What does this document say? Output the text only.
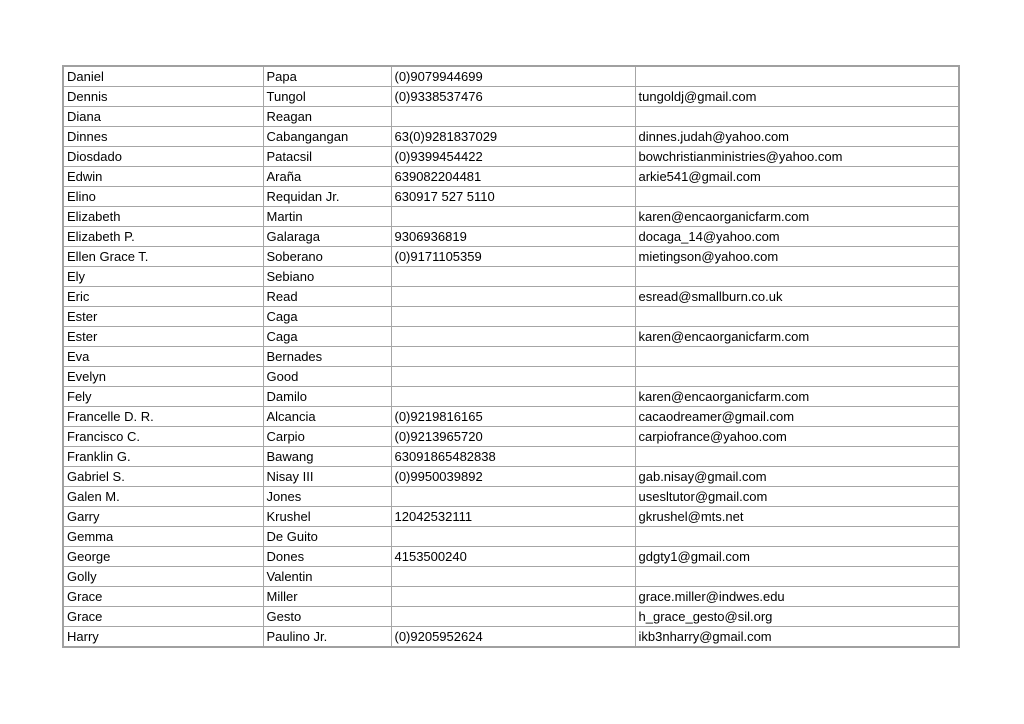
Daniel	Papa	(0)9079944699	
Dennis	Tungol	(0)9338537476	tungoldj@gmail.com
Diana	Reagan		
Dinnes	Cabangangan	63(0)9281837029	dinnes.judah@yahoo.com
Diosdado	Patacsil	(0)9399454422	bowchristianministries@yahoo.com
Edwin	Araña	639082204481	arkie541@gmail.com
Elino	Requidan Jr.	630917 527 5110	
Elizabeth	Martin		karen@encaorganicfarm.com
Elizabeth P.	Galaraga	9306936819	docaga_14@yahoo.com
Ellen Grace T.	Soberano	(0)9171105359	mietingson@yahoo.com
Ely	Sebiano		
Eric	Read		esread@smallburn.co.uk
Ester	Caga		
Ester	Caga		karen@encaorganicfarm.com
Eva	Bernades		
Evelyn	Good		
Fely	Damilo		karen@encaorganicfarm.com
Francelle D. R.	Alcancia	(0)9219816165	cacaodreamer@gmail.com
Francisco C.	Carpio	(0)9213965720	carpiofrance@yahoo.com
Franklin G.	Bawang	63091865482838	
Gabriel S.	Nisay III	(0)9950039892	gab.nisay@gmail.com
Galen M.	Jones		usesltutor@gmail.com
Garry	Krushel	12042532111	gkrushel@mts.net
Gemma	De Guito		
George	Dones	4153500240	gdgty1@gmail.com
Golly	Valentin		
Grace	Miller		grace.miller@indwes.edu
Grace	Gesto		h_grace_gesto@sil.org
Harry	Paulino Jr.	(0)9205952624	ikb3nharry@gmail.com
